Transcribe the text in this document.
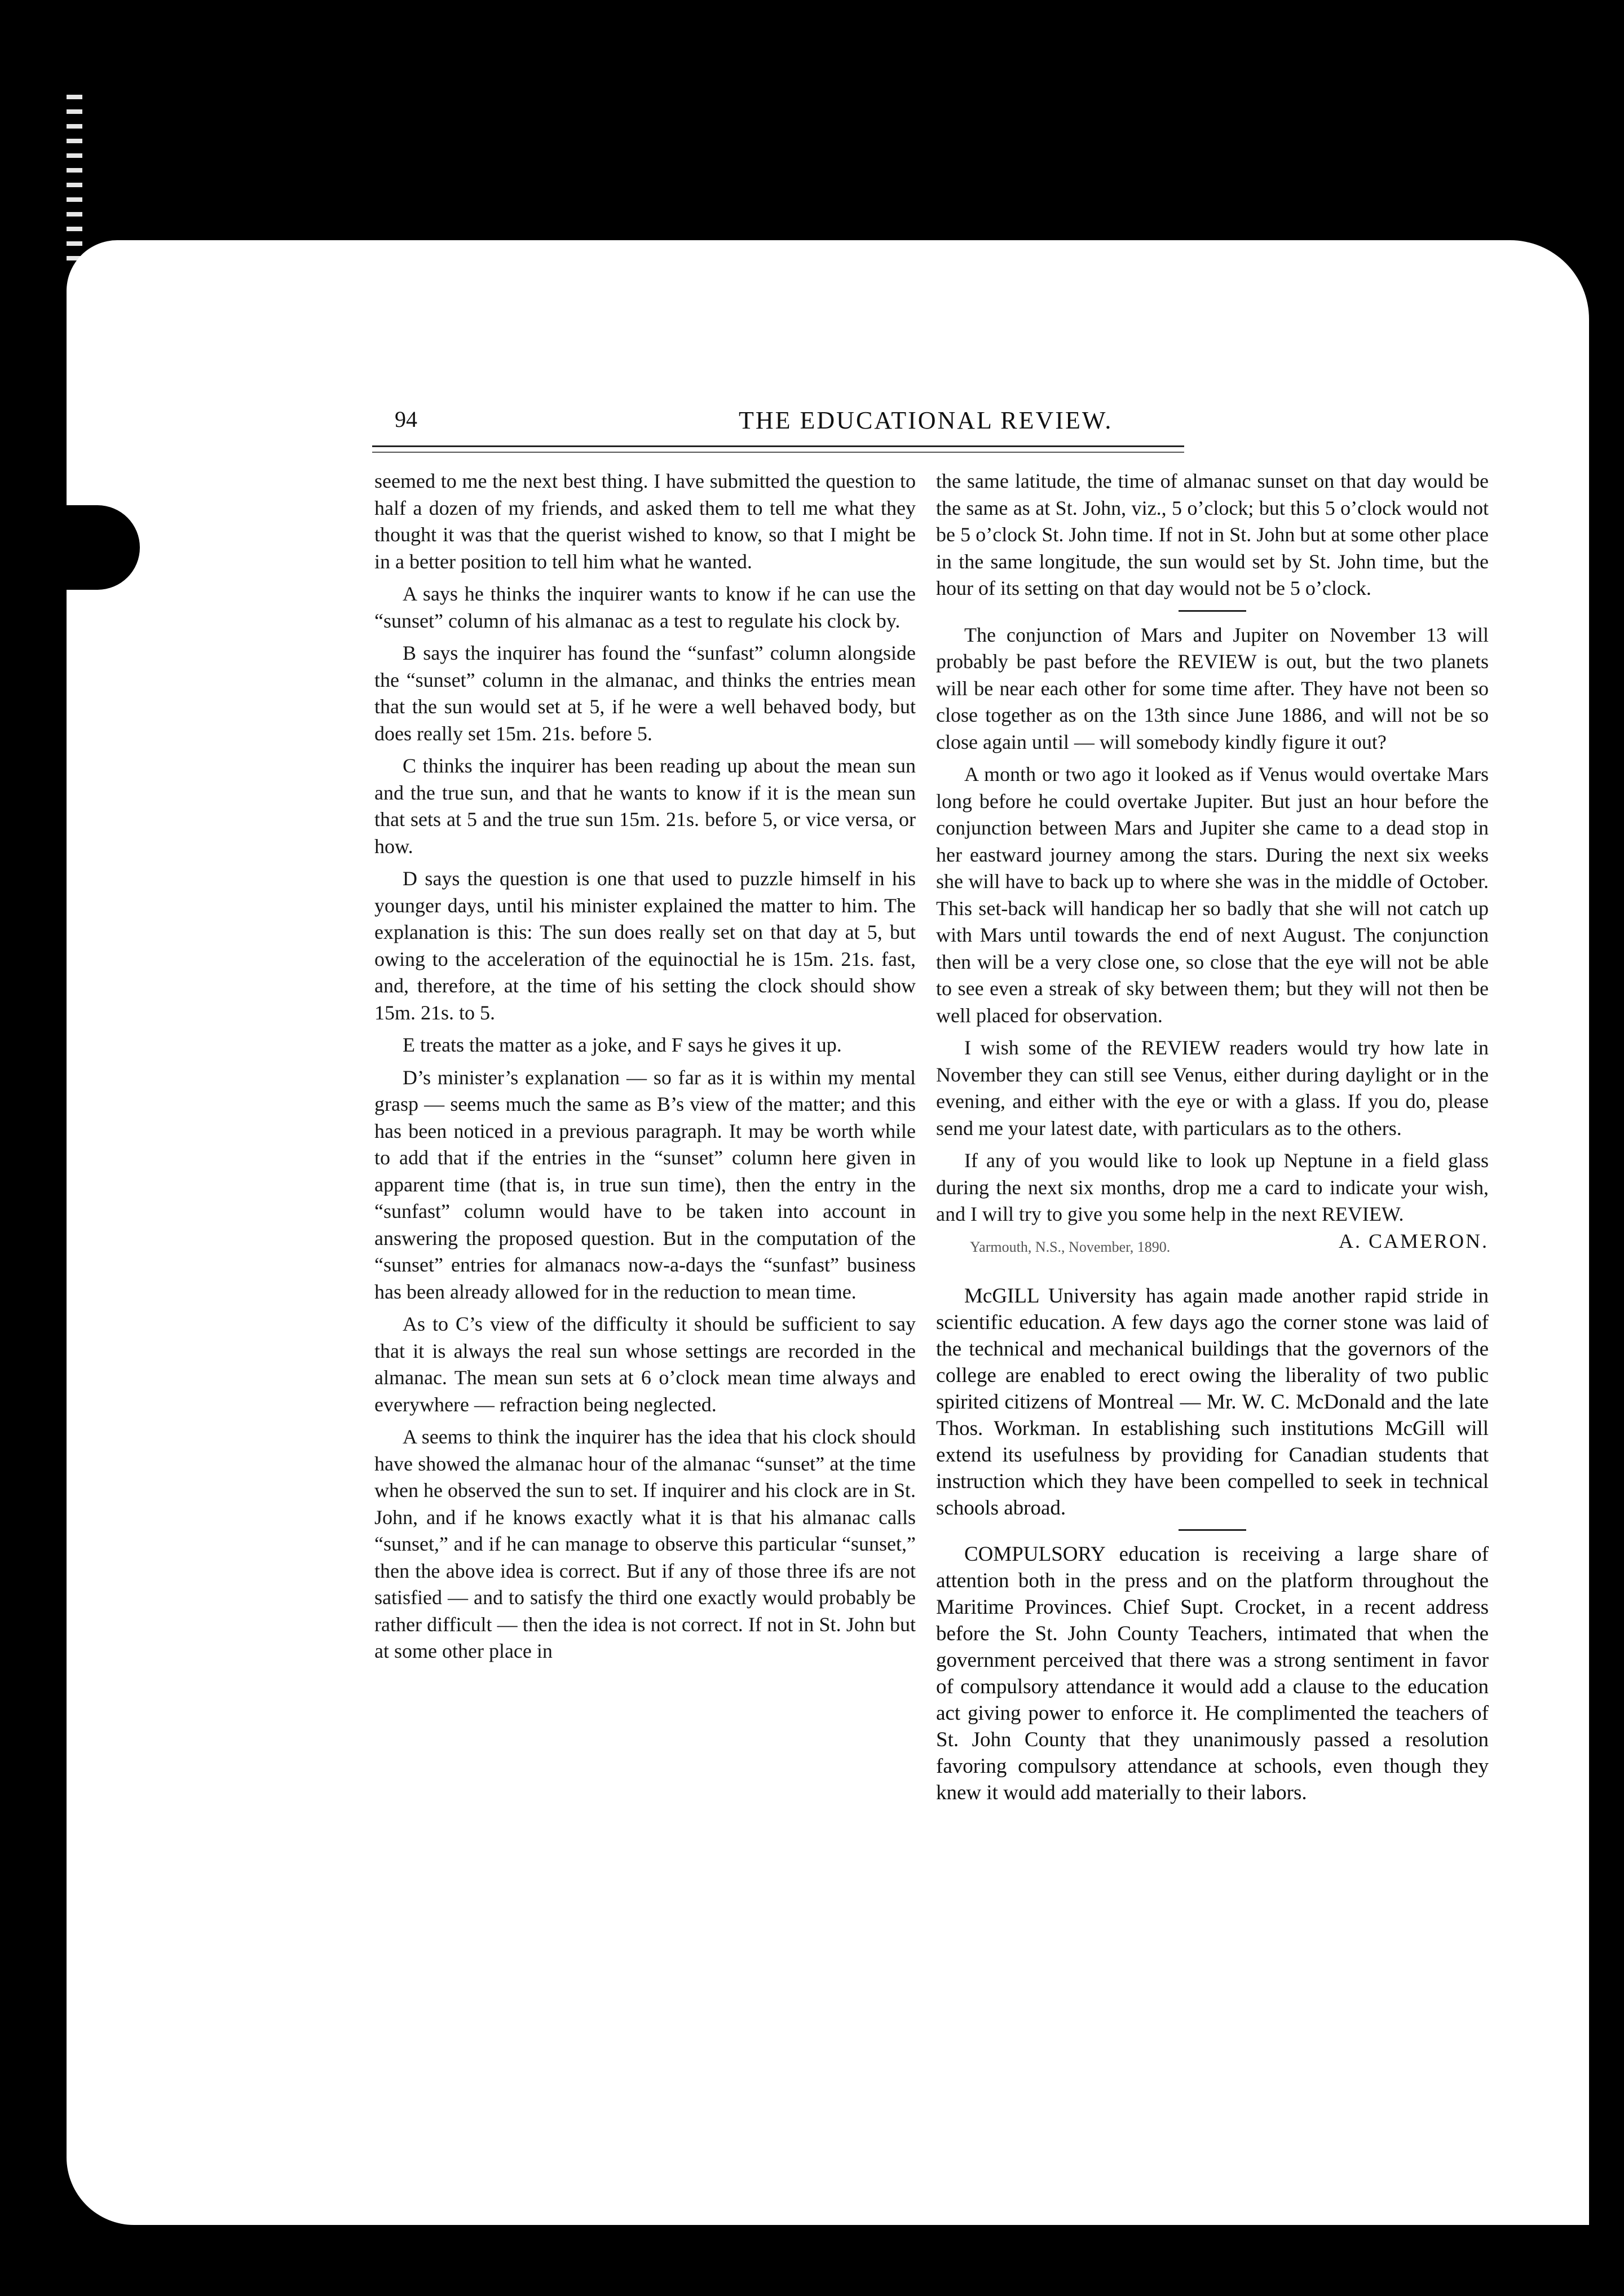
94	THE EDUCATIONAL REVIEW.

seemed to me the next best thing. I have submitted the question to half a dozen of my friends, and asked them to tell me what they thought it was that the querist wished to know, so that I might be in a better position to tell him what he wanted.

A says he thinks the inquirer wants to know if he can use the “sunset” column of his almanac as a test to regulate his clock by.

B says the inquirer has found the “sunfast” column alongside the “sunset” column in the almanac, and thinks the entries mean that the sun would set at 5, if he were a well behaved body, but does really set 15m. 21s. before 5.

C thinks the inquirer has been reading up about the mean sun and the true sun, and that he wants to know if it is the mean sun that sets at 5 and the true sun 15m. 21s. before 5, or vice versa, or how.

D says the question is one that used to puzzle himself in his younger days, until his minister explained the matter to him. The explanation is this: The sun does really set on that day at 5, but owing to the acceleration of the equinoctial he is 15m. 21s. fast, and, therefore, at the time of his setting the clock should show 15m. 21s. to 5.

E treats the matter as a joke, and F says he gives it up.

D’s minister’s explanation — so far as it is within my mental grasp — seems much the same as B’s view of the matter; and this has been noticed in a previous paragraph. It may be worth while to add that if the entries in the “sunset” column here given in apparent time (that is, in true sun time), then the entry in the “sunfast” column would have to be taken into account in answering the proposed question. But in the computation of the “sunset” entries for almanacs now-a-days the “sunfast” business has been already allowed for in the reduction to mean time.

As to C’s view of the difficulty it should be sufficient to say that it is always the real sun whose settings are recorded in the almanac. The mean sun sets at 6 o’clock mean time always and everywhere — refraction being neglected.

A seems to think the inquirer has the idea that his clock should have showed the almanac hour of the almanac “sunset” at the time when he observed the sun to set. If inquirer and his clock are in St. John, and if he knows exactly what it is that his almanac calls “sunset,” and if he can manage to observe this particular “sunset,” then the above idea is correct. But if any of those three ifs are not satisfied — and to satisfy the third one exactly would probably be rather difficult — then the idea is not correct. If not in St. John but at some other place in

the same latitude, the time of almanac sunset on that day would be the same as at St. John, viz., 5 o’clock; but this 5 o’clock would not be 5 o’clock St. John time. If not in St. John but at some other place in the same longitude, the sun would set by St. John time, but the hour of its setting on that day would not be 5 o’clock.

The conjunction of Mars and Jupiter on November 13 will probably be past before the REVIEW is out, but the two planets will be near each other for some time after. They have not been so close together as on the 13th since June 1886, and will not be so close again until — will somebody kindly figure it out?

A month or two ago it looked as if Venus would overtake Mars long before he could overtake Jupiter. But just an hour before the conjunction between Mars and Jupiter she came to a dead stop in her eastward journey among the stars. During the next six weeks she will have to back up to where she was in the middle of October. This set-back will handicap her so badly that she will not catch up with Mars until towards the end of next August. The conjunction then will be a very close one, so close that the eye will not be able to see even a streak of sky between them; but they will not then be well placed for observation.

I wish some of the REVIEW readers would try how late in November they can still see Venus, either during daylight or in the evening, and either with the eye or with a glass. If you do, please send me your latest date, with particulars as to the others.

If any of you would like to look up Neptune in a field glass during the next six months, drop me a card to indicate your wish, and I will try to give you some help in the next REVIEW.
A. CAMERON.

Yarmouth, N.S., November, 1890.

McGILL University has again made another rapid stride in scientific education. A few days ago the corner stone was laid of the technical and mechanical buildings that the governors of the college are enabled to erect owing the liberality of two public spirited citizens of Montreal — Mr. W. C. McDonald and the late Thos. Workman. In establishing such institutions McGill will extend its usefulness by providing for Canadian students that instruction which they have been compelled to seek in technical schools abroad.

COMPULSORY education is receiving a large share of attention both in the press and on the platform throughout the Maritime Provinces. Chief Supt. Crocket, in a recent address before the St. John County Teachers, intimated that when the government perceived that there was a strong sentiment in favor of compulsory attendance it would add a clause to the education act giving power to enforce it. He complimented the teachers of St. John County that they unanimously passed a resolution favoring compulsory attendance at schools, even though they knew it would add materially to their labors.
